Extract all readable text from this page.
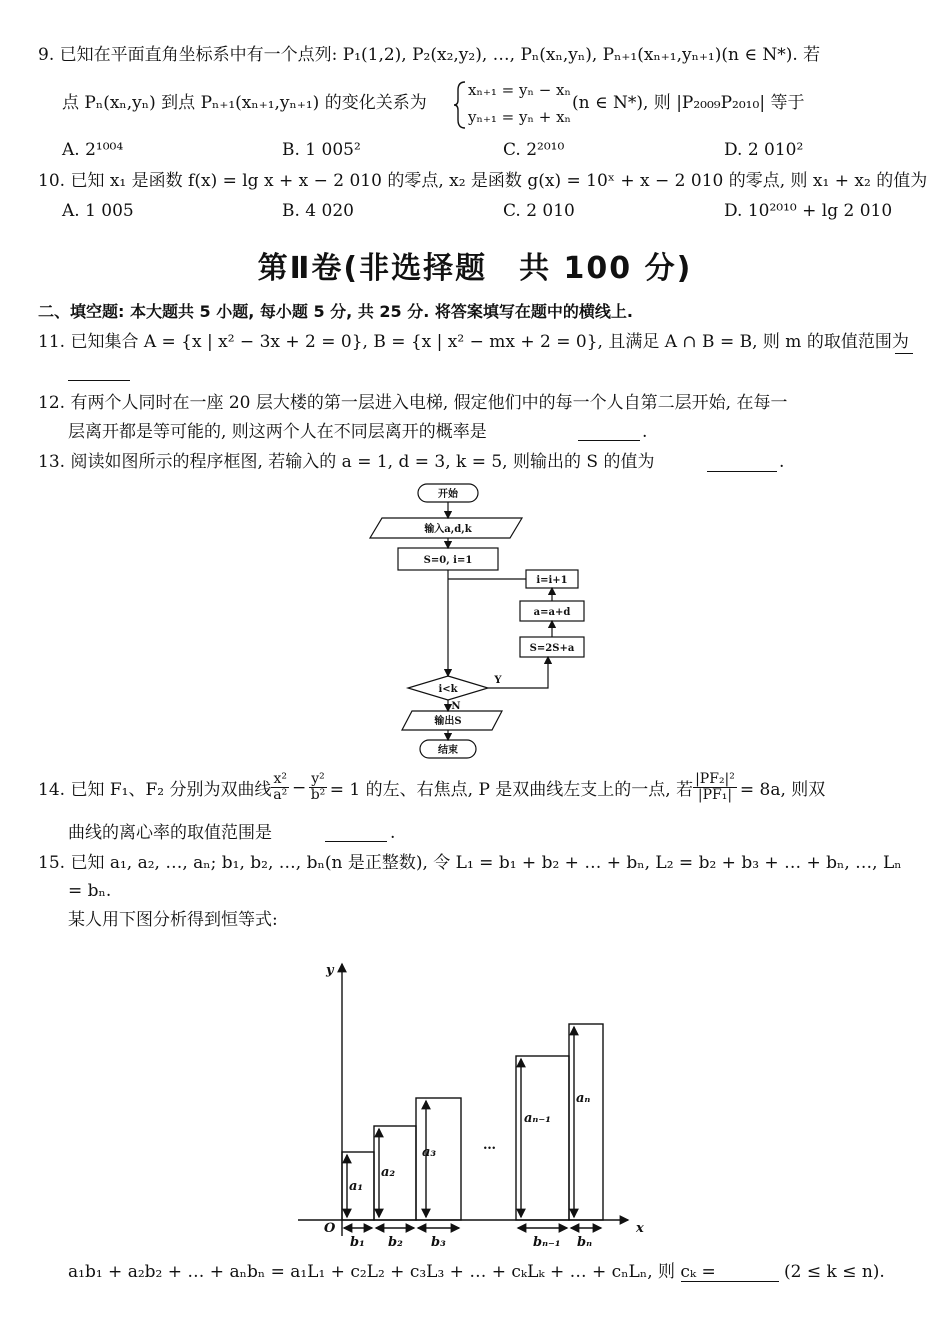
9. 已知在平面直角坐标系中有一个点列: P₁(1,2), P₂(x₂,y₂), …, Pₙ(xₙ,yₙ), Pₙ₊₁(xₙ₊₁,yₙ₊₁)(n ∈ N*). 若
点 Pₙ(xₙ,yₙ) 到点 Pₙ₊₁(xₙ₊₁,yₙ₊₁) 的变化关系为
xₙ₊₁ = yₙ − xₙ
yₙ₊₁ = yₙ + xₙ
(n ∈ N*), 则 |P₂₀₀₉P₂₀₁₀| 等于
A. 2¹⁰⁰⁴	B. 1 005²	C. 2²⁰¹⁰	D. 2 010²
10. 已知 x₁ 是函数 f(x) = lg x + x − 2 010 的零点, x₂ 是函数 g(x) = 10ˣ + x − 2 010 的零点, 则 x₁ + x₂ 的值为
A. 1 005	B. 4 020	C. 2 010	D. 10²⁰¹⁰ + lg 2 010
第Ⅱ卷(非选择题　共 100 分)
二、填空题: 本大题共 5 小题, 每小题 5 分, 共 25 分. 将答案填写在题中的横线上.
11. 已知集合 A = {x | x² − 3x + 2 = 0}, B = {x | x² − mx + 2 = 0}, 且满足 A ∩ B = B, 则 m 的取值范围为
12. 有两个人同时在一座 20 层大楼的第一层进入电梯, 假定他们中的每一个人自第二层开始, 在每一
层离开都是等可能的, 则这两个人在不同层离开的概率是	.
13. 阅读如图所示的程序框图, 若输入的 a = 1, d = 3, k = 5, 则输出的 S 的值为	.
开始
输入a,d,k
S=0, i=1
i=i+1
a=a+d
S=2S+a
i<k
Y
N
输出S
结束
14. 已知 F₁、F₂ 分别为双曲线 $\frac{\text{x²}}{\text{a²}} - \frac{\text{y²}}{\text{b²}} = 1$ 的左、右焦点, P 是双曲线左支上的一点, 若 $\frac{\text{|PF₂|²}}{\text{|PF₁|}} = 8a$, 则双
曲线的离心率的取值范围是	.
15. 已知 a₁, a₂, …, aₙ; b₁, b₂, …, bₙ(n 是正整数), 令 L₁ = b₁ + b₂ + … + bₙ, L₂ = b₂ + b₃ + … + bₙ, …, Lₙ
= bₙ.
某人用下图分析得到恒等式:
y
x
O
…
a₁
a₂
a₃
aₙ₋₁
aₙ
b₁ b₂ b₃	bₙ₋₁ bₙ
a₁b₁ + a₂b₂ + … + aₙbₙ = a₁L₁ + c₂L₂ + c₃L₃ + … + cₖLₖ + … + cₙLₙ, 则 cₖ =	(2 ≤ k ≤ n).
